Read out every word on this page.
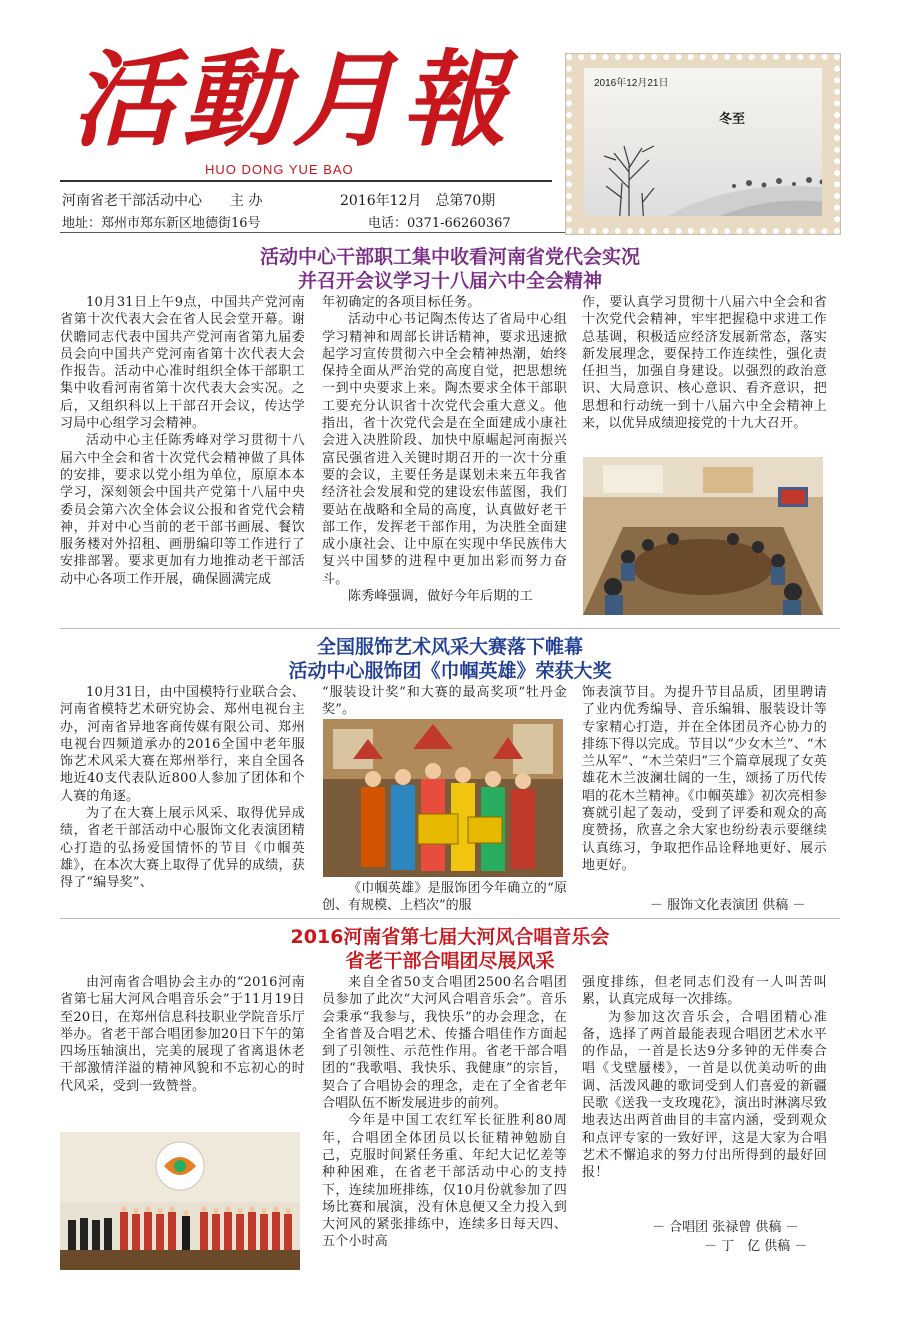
活動月報
HUO DONG YUE BAO
河南省老干部活动中心　　主 办	2016年12月　总第70期
地址：郑州市郑东新区地德街16号	电话：0371-66260367
2016年12月21日
冬至
活动中心干部职工集中收看河南省党代会实况
并召开会议学习十八届六中全会精神

10月31日上午9点，中国共产党河南省第十次代表大会在省人民会堂开幕。谢伏瞻同志代表中国共产党河南省第九届委员会向中国共产党河南省第十次代表大会作报告。活动中心准时组织全体干部职工集中收看河南省第十次代表大会实况。之后，又组织科以上干部召开会议，传达学习局中心组学习会精神。

活动中心主任陈秀峰对学习贯彻十八届六中全会和省十次党代会精神做了具体的安排，要求以党小组为单位，原原本本学习，深刻领会中国共产党第十八届中央委员会第六次全体会议公报和省党代会精神，并对中心当前的老干部书画展、餐饮服务楼对外招租、画册编印等工作进行了安排部署。要求更加有力地推动老干部活动中心各项工作开展，确保圆满完成

年初确定的各项目标任务。

活动中心书记陶杰传达了省局中心组学习精神和周部长讲话精神，要求迅速掀起学习宣传贯彻六中全会精神热潮，始终保持全面从严治党的高度自觉，把思想统一到中央要求上来。陶杰要求全体干部职工要充分认识省十次党代会重大意义。他指出，省十次党代会是在全面建成小康社会进入决胜阶段、加快中原崛起河南振兴富民强省进入关键时期召开的一次十分重要的会议，主要任务是谋划未来五年我省经济社会发展和党的建设宏伟蓝图，我们要站在战略和全局的高度，认真做好老干部工作，发挥老干部作用，为决胜全面建成小康社会、让中原在实现中华民族伟大复兴中国梦的进程中更加出彩而努力奋斗。

陈秀峰强调，做好今年后期的工

作，要认真学习贯彻十八届六中全会和省十次党代会精神，牢牢把握稳中求进工作总基调，积极适应经济发展新常态，落实新发展理念，要保持工作连续性，强化责任担当，加强自身建设。以强烈的政治意识、大局意识、核心意识、看齐意识，把思想和行动统一到十八届六中全会精神上来，以优异成绩迎接党的十九大召开。

全国服饰艺术风采大赛落下帷幕
活动中心服饰团《巾帼英雄》荣获大奖

10月31日，由中国模特行业联合会、河南省模特艺术研究协会、郑州电视台主办，河南省异地客商传媒有限公司、郑州电视台四频道承办的2016全国中老年服饰艺术风采大赛在郑州举行，来自全国各地近40支代表队近800人参加了团体和个人赛的角逐。

为了在大赛上展示风采、取得优异成绩，省老干部活动中心服饰文化表演团精心打造的弘扬爱国情怀的节目《巾帼英雄》，在本次大赛上取得了优异的成绩，获得了“编导奖”、

“服装设计奖”和大赛的最高奖项“牡丹金奖”。

《巾帼英雄》是服饰团今年确立的“原创、有规模、上档次”的服

饰表演节目。为提升节目品质，团里聘请了业内优秀编导、音乐编辑、服装设计等专家精心打造，并在全体团员齐心协力的排练下得以完成。节目以“少女木兰”、“木兰从军”、“木兰荣归”三个篇章展现了女英雄花木兰波澜壮阔的一生，颂扬了历代传唱的花木兰精神。《巾帼英雄》初次亮相参赛就引起了轰动，受到了评委和观众的高度赞扬，欣喜之余大家也纷纷表示要继续认真练习，争取把作品诠释地更好、展示地更好。

－ 服饰文化表演团 供稿 －
2016河南省第七届大河风合唱音乐会
省老干部合唱团尽展风采

由河南省合唱协会主办的“2016河南省第七届大河风合唱音乐会”于11月19日至20日，在郑州信息科技职业学院音乐厅举办。省老干部合唱团参加20日下午的第四场压轴演出，完美的展现了省离退休老干部激情洋溢的精神风貌和不忘初心的时代风采，受到一致赞誉。

来自全省50支合唱团2500名合唱团员参加了此次“大河风合唱音乐会”。音乐会秉承“我参与，我快乐”的办会理念，在全省普及合唱艺术、传播合唱佳作方面起到了引领性、示范性作用。省老干部合唱团的“我歌唱、我快乐、我健康”的宗旨，契合了合唱协会的理念，走在了全省老年合唱队伍不断发展进步的前列。

今年是中国工农红军长征胜利80周年，合唱团全体团员以长征精神勉励自己，克服时间紧任务重、年纪大记忆差等种种困难，在省老干部活动中心的支持下，连续加班排练，仅10月份就参加了四场比赛和展演，没有休息便又全力投入到大河风的紧张排练中，连续多日每天四、五个小时高

强度排练，但老同志们没有一人叫苦叫累，认真完成每一次排练。

为参加这次音乐会，合唱团精心准备，选择了两首最能表现合唱团艺术水平的作品，一首是长达9分多钟的无伴奏合唱《戈壁蜃楼》，一首是以优美动听的曲调、活泼风趣的歌词受到人们喜爱的新疆民歌《送我一支玫瑰花》，演出时淋漓尽致地表达出两首曲目的丰富内涵，受到观众和点评专家的一致好评，这是大家为合唱艺术不懈追求的努力付出所得到的最好回报！

－ 合唱团 张禄曾 供稿 －
－ 丁　亿 供稿 －
